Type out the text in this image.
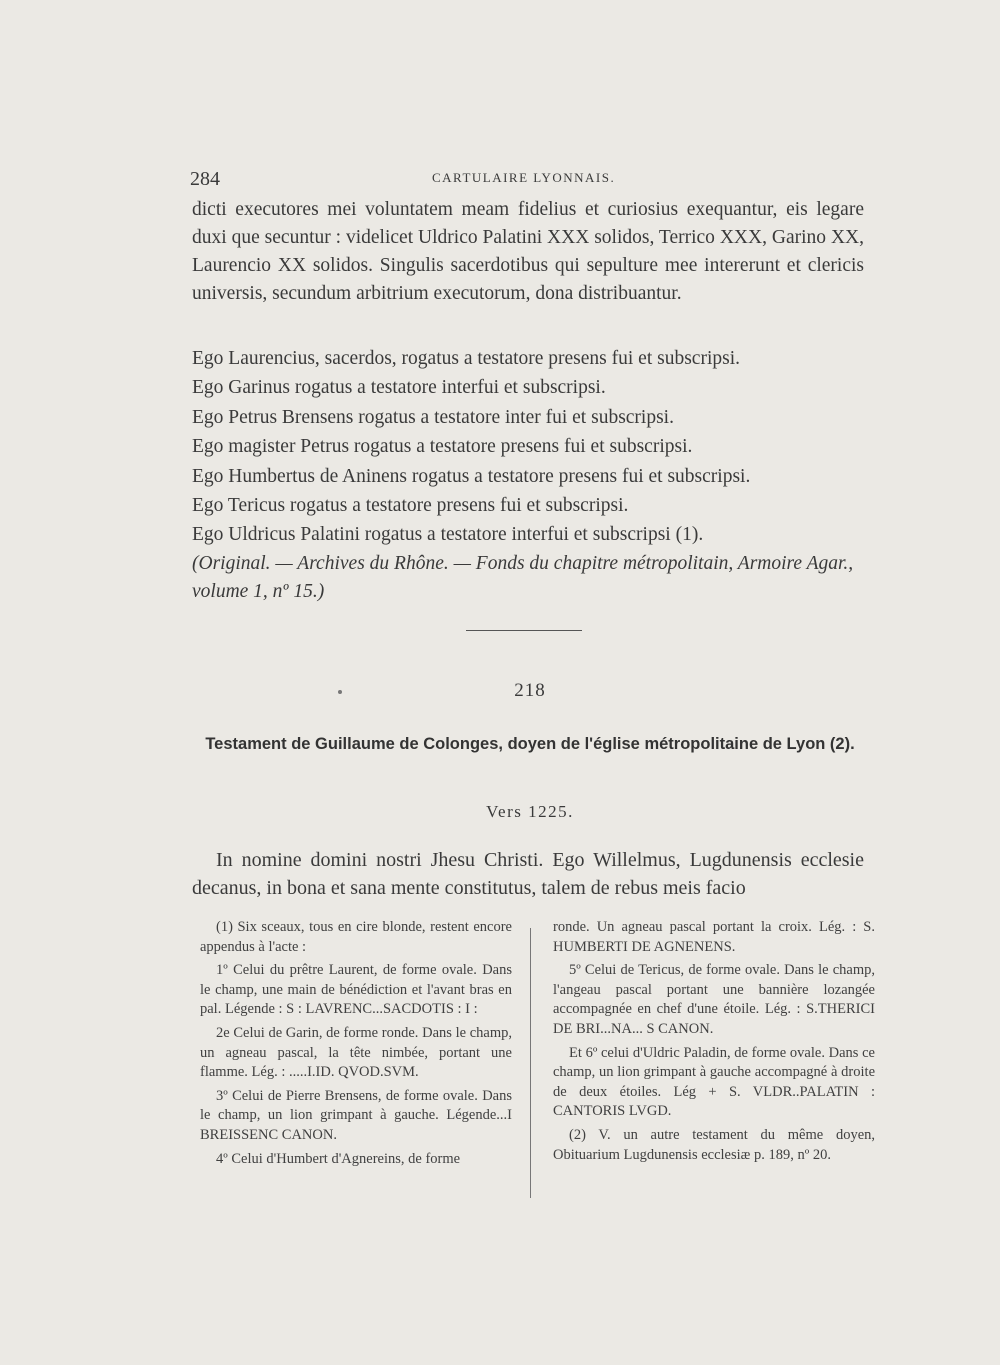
284	CARTULAIRE LYONNAIS.
dicti executores mei voluntatem meam fidelius et curiosius exequantur, eis legare duxi que secuntur : videlicet Uldrico Palatini XXX solidos, Terrico XXX, Garino XX, Laurencio XX solidos. Singulis sacerdotibus qui sepulture mee intererunt et clericis universis, secundum arbitrium executorum, dona distribuantur.
Ego Laurencius, sacerdos, rogatus a testatore presens fui et subscripsi.
Ego Garinus rogatus a testatore interfui et subscripsi.
Ego Petrus Brensens rogatus a testatore inter fui et subscripsi.
Ego magister Petrus rogatus a testatore presens fui et subscripsi.
Ego Humbertus de Aninens rogatus a testatore presens fui et subscripsi.
Ego Tericus rogatus a testatore presens fui et subscripsi.
Ego Uldricus Palatini rogatus a testatore interfui et subscripsi (1).
(Original. — Archives du Rhône. — Fonds du chapitre métropolitain, Armoire Agar., volume 1, nº 15.)
218
Testament de Guillaume de Colonges, doyen de l'église métropolitaine de Lyon (2).
Vers 1225.
In nomine domini nostri Jhesu Christi. Ego Willelmus, Lugdunensis ecclesie decanus, in bona et sana mente constitutus, talem de rebus meis facio

(1) Six sceaux, tous en cire blonde, restent encore appendus à l'acte :

1º Celui du prêtre Laurent, de forme ovale. Dans le champ, une main de bénédiction et l'avant bras en pal. Légende : S : LAVRENC...SACDOTIS : I :

2e Celui de Garin, de forme ronde. Dans le champ, un agneau pascal, la tête nimbée, portant une flamme. Lég. : .....I.ID. QVOD.SVM.

3º Celui de Pierre Brensens, de forme ovale. Dans le champ, un lion grimpant à gauche. Légende...I BREISSENC CANON.

4º Celui d'Humbert d'Agnereins, de forme

ronde. Un agneau pascal portant la croix. Lég. : S. HUMBERTI DE AGNENENS.

5º Celui de Tericus, de forme ovale. Dans le champ, l'angeau pascal portant une bannière lozangée accompagnée en chef d'une étoile. Lég. : S.THERICI DE BRI...NA... S CANON.

Et 6º celui d'Uldric Paladin, de forme ovale. Dans ce champ, un lion grimpant à gauche accompagné à droite de deux étoiles. Lég + S. VLDR..PALATIN : CANTORIS LVGD.

(2) V. un autre testament du même doyen, Obituarium Lugdunensis ecclesiæ p. 189, nº 20.
